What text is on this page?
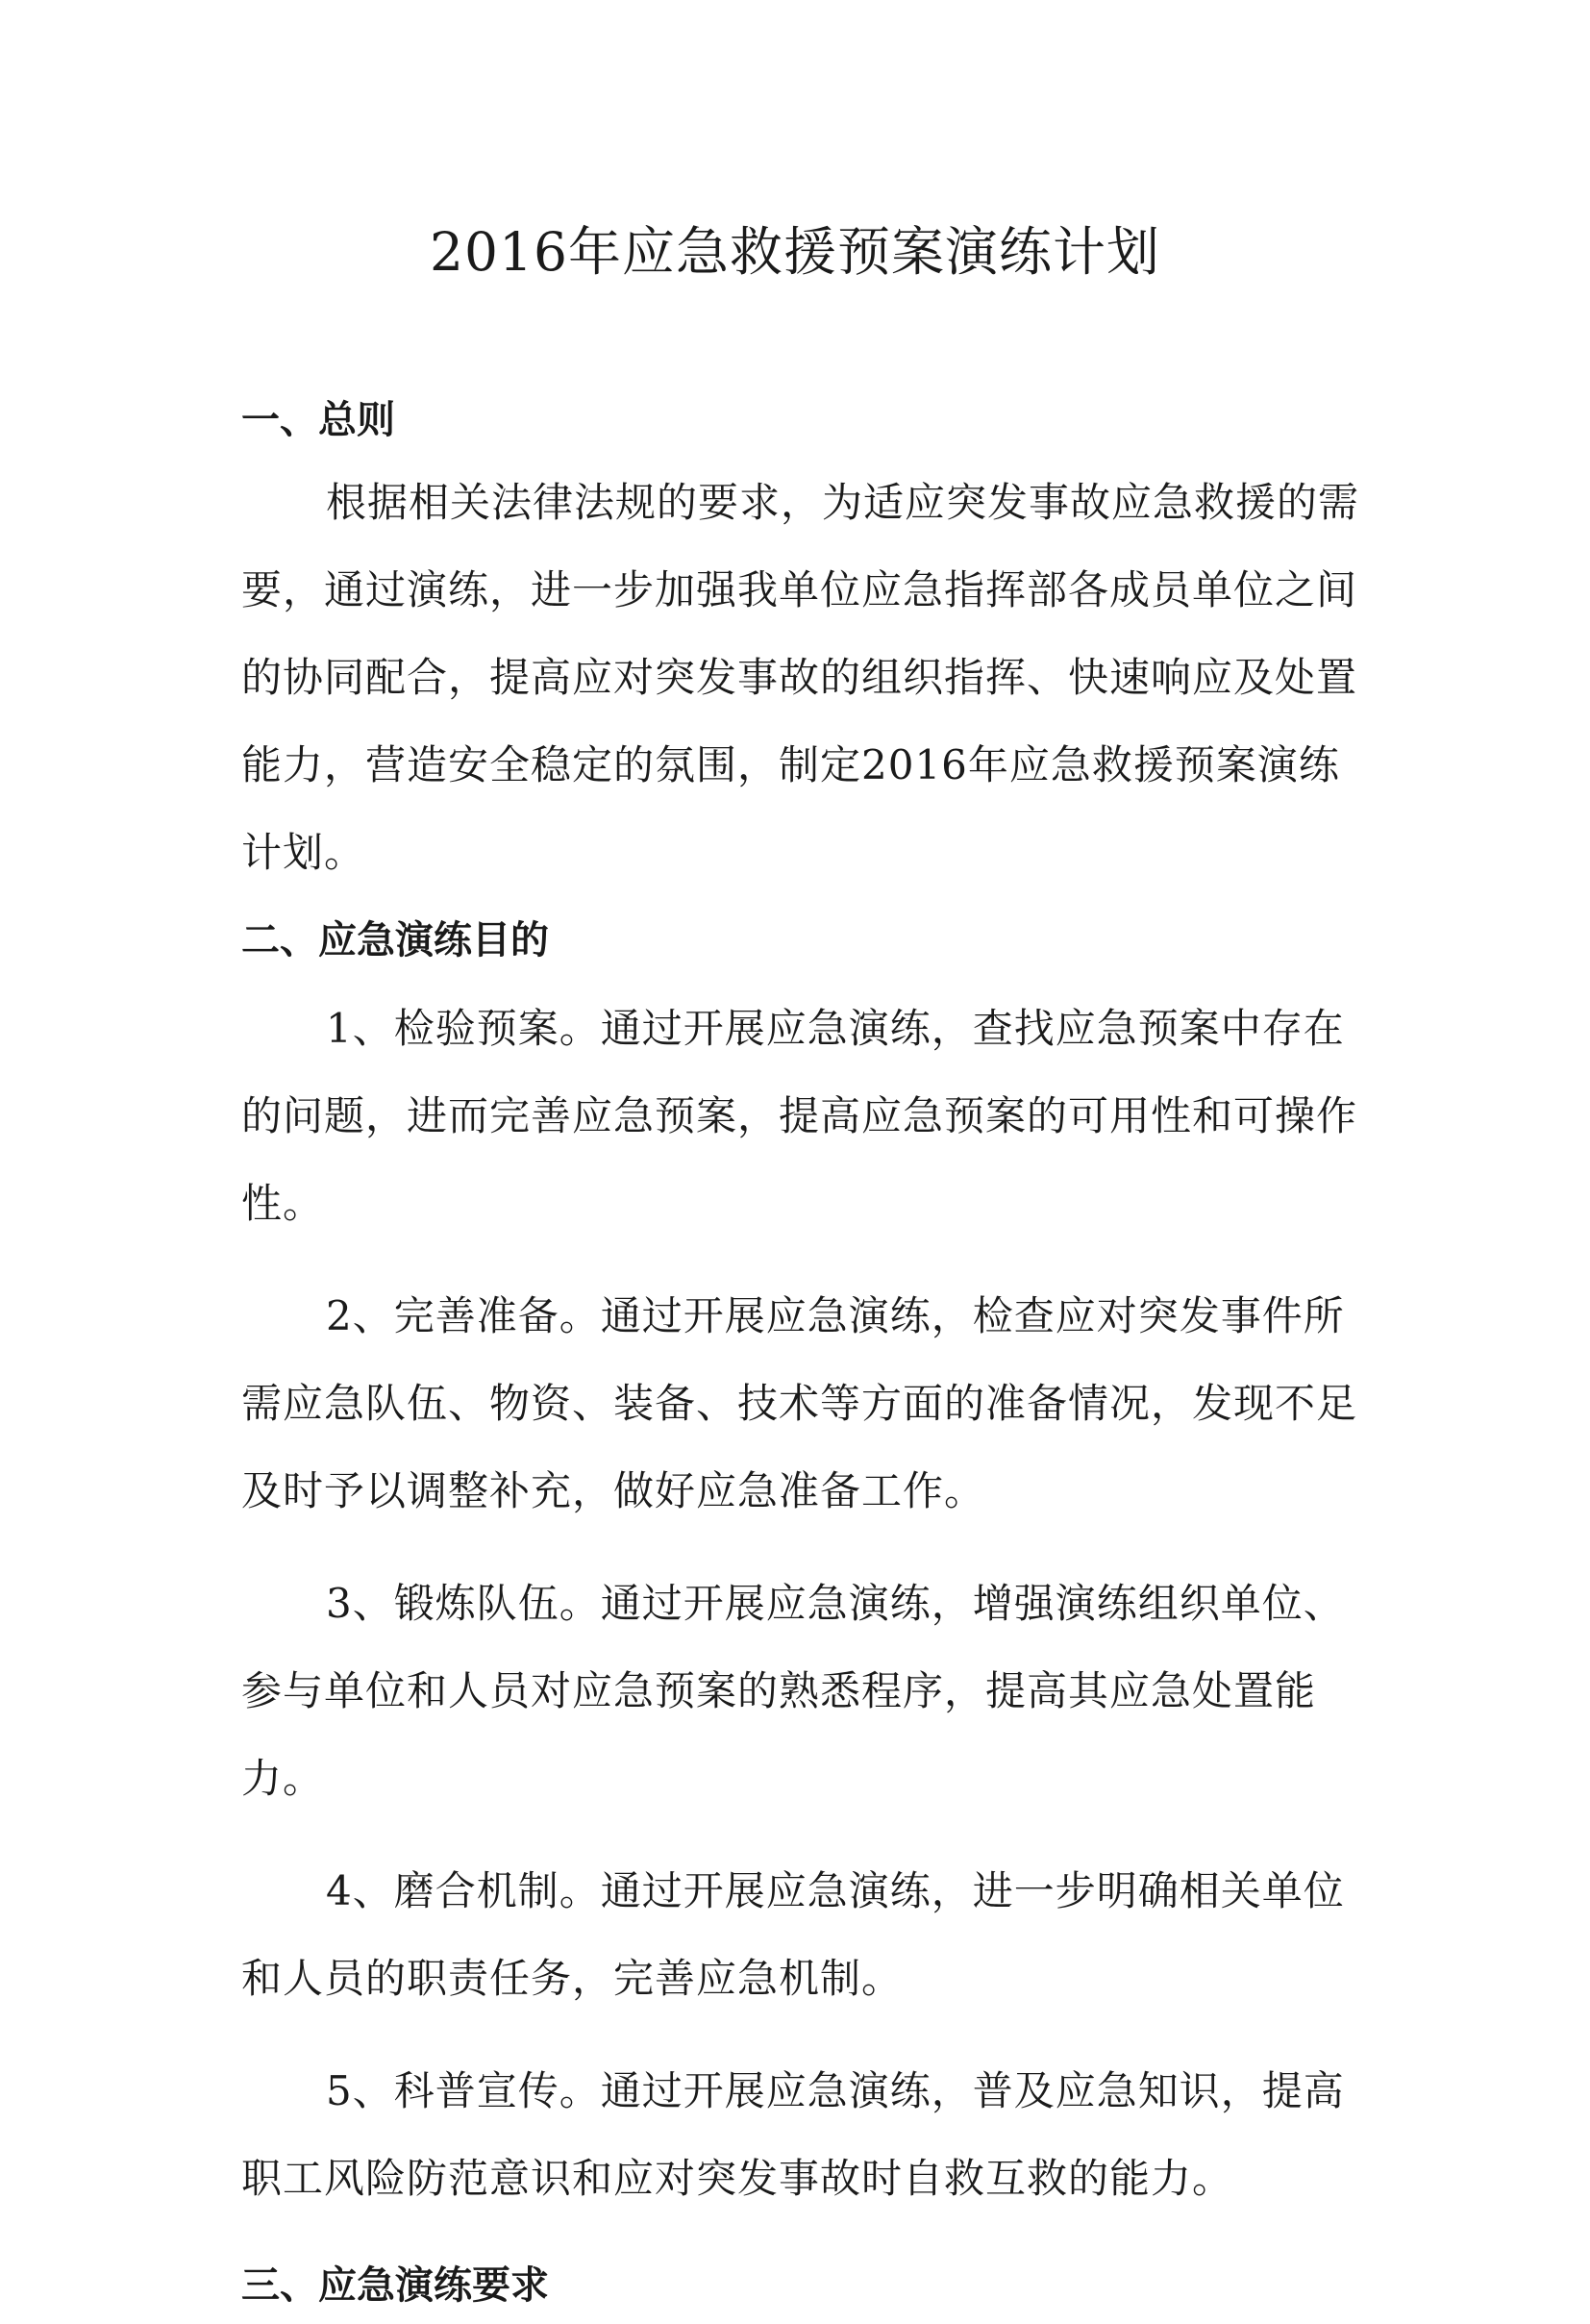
2016年应急救援预案演练计划
一、总则

根据相关法律法规的要求，为适应突发事故应急救援的需要，通过演练，进一步加强我单位应急指挥部各成员单位之间的协同配合，提高应对突发事故的组织指挥、快速响应及处置能力，营造安全稳定的氛围，制定2016年应急救援预案演练计划。

二、应急演练目的

1、检验预案。通过开展应急演练，查找应急预案中存在的问题，进而完善应急预案，提高应急预案的可用性和可操作性。

2、完善准备。通过开展应急演练，检查应对突发事件所需应急队伍、物资、装备、技术等方面的准备情况，发现不足及时予以调整补充，做好应急准备工作。

3、锻炼队伍。通过开展应急演练，增强演练组织单位、参与单位和人员对应急预案的熟悉程序，提高其应急处置能力。

4、磨合机制。通过开展应急演练，进一步明确相关单位和人员的职责任务，完善应急机制。

5、科普宣传。通过开展应急演练，普及应急知识，提高职工风险防范意识和应对突发事故时自救互救的能力。

三、应急演练要求
